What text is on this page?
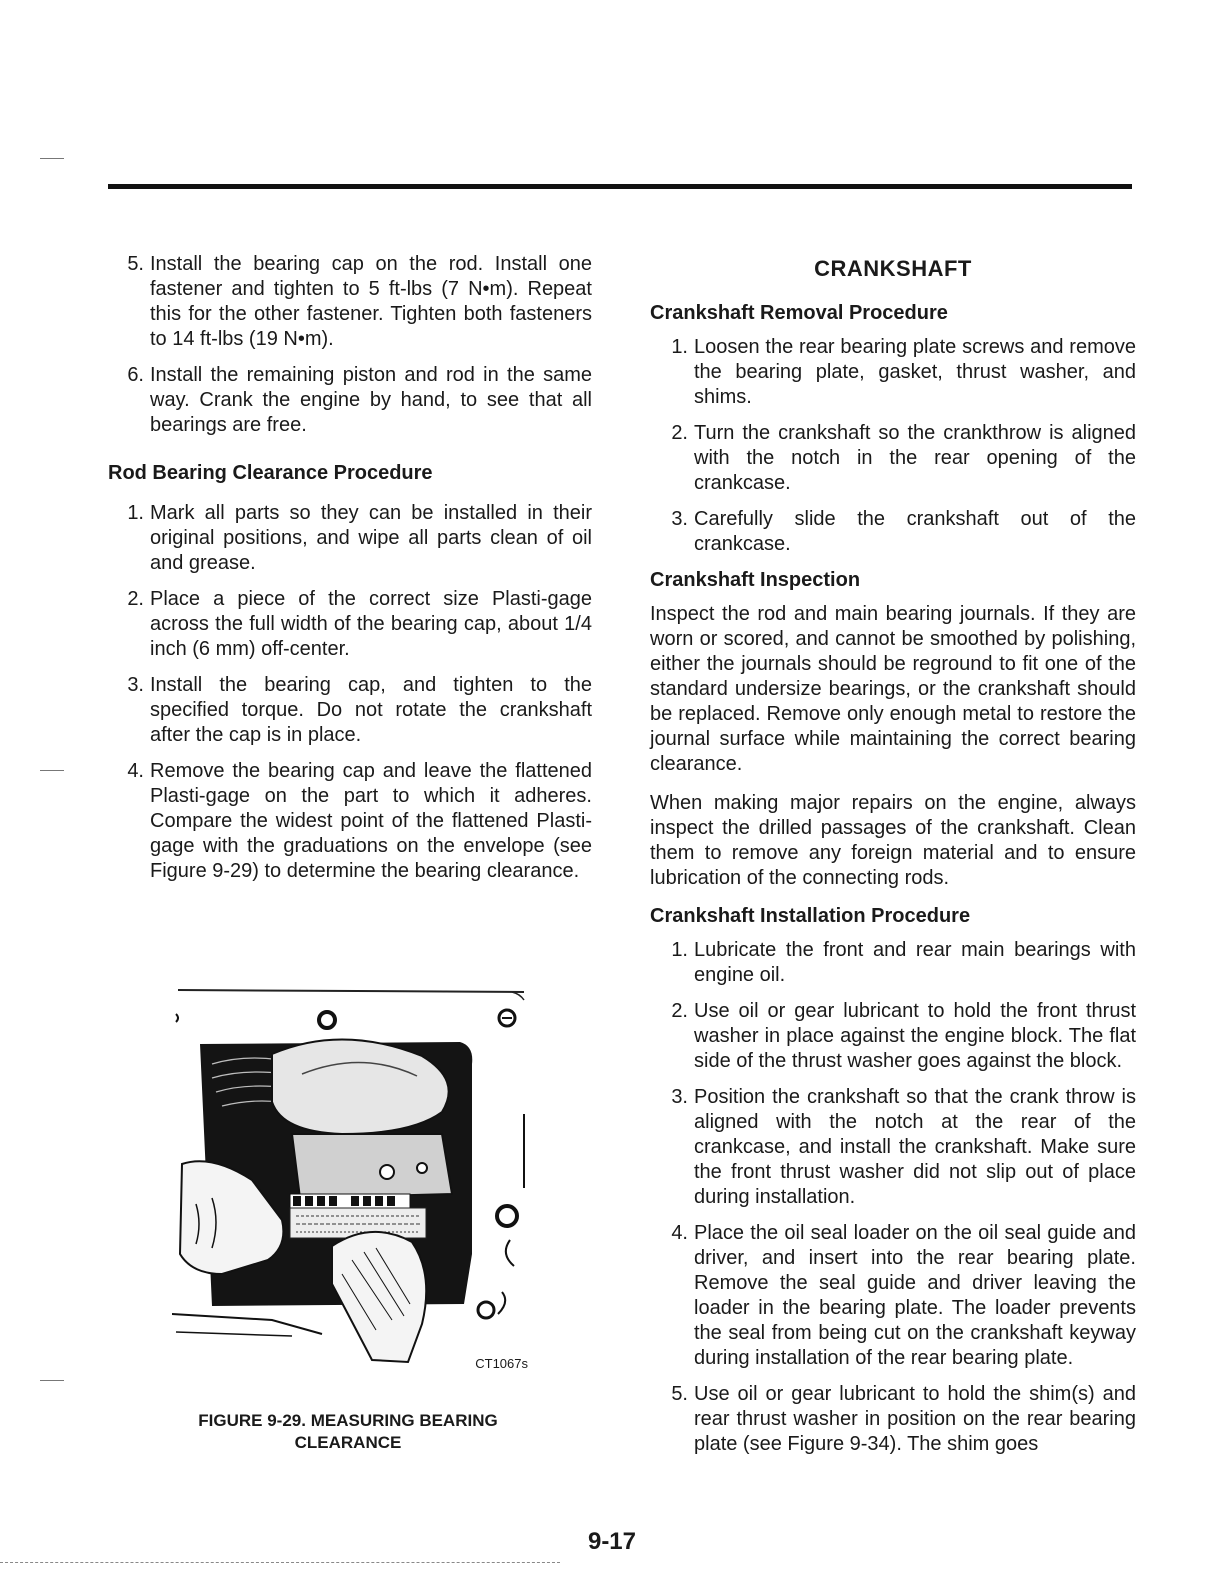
5. Install the bearing cap on the rod. Install one fastener and tighten to 5 ft-lbs (7 N•m). Repeat this for the other fastener. Tighten both fasteners to 14 ft-lbs (19 N•m).
6. Install the remaining piston and rod in the same way. Crank the engine by hand, to see that all bearings are free.
Rod Bearing Clearance Procedure
1. Mark all parts so they can be installed in their original positions, and wipe all parts clean of oil and grease.
2. Place a piece of the correct size Plasti-gage across the full width of the bearing cap, about 1/4 inch (6 mm) off-center.
3. Install the bearing cap, and tighten to the specified torque. Do not rotate the crankshaft after the cap is in place.
4. Remove the bearing cap and leave the flattened Plasti-gage on the part to which it adheres. Compare the widest point of the flattened Plasti-gage with the graduations on the envelope (see Figure 9-29) to determine the bearing clearance.
CT1067s
FIGURE 9-29. MEASURING BEARING
CLEARANCE
CRANKSHAFT
Crankshaft Removal Procedure
1. Loosen the rear bearing plate screws and remove the bearing plate, gasket, thrust washer, and shims.
2. Turn the crankshaft so the crankthrow is aligned with the notch in the rear opening of the crankcase.
3. Carefully slide the crankshaft out of the crankcase.
Crankshaft Inspection

Inspect the rod and main bearing journals. If they are worn or scored, and cannot be smoothed by polishing, either the journals should be reground to fit one of the standard undersize bearings, or the crankshaft should be replaced. Remove only enough metal to restore the journal surface while maintaining the correct bearing clearance.

When making major repairs on the engine, always inspect the drilled passages of the crankshaft. Clean them to remove any foreign material and to ensure lubrication of the connecting rods.

Crankshaft Installation Procedure
1. Lubricate the front and rear main bearings with engine oil.
2. Use oil or gear lubricant to hold the front thrust washer in place against the engine block. The flat side of the thrust washer goes against the block.
3. Position the crankshaft so that the crank throw is aligned with the notch at the rear of the crankcase, and install the crankshaft. Make sure the front thrust washer did not slip out of place during installation.
4. Place the oil seal loader on the oil seal guide and driver, and insert into the rear bearing plate. Remove the seal guide and driver leaving the loader in the bearing plate. The loader prevents the seal from being cut on the crankshaft keyway during installation of the rear bearing plate.
5. Use oil or gear lubricant to hold the shim(s) and rear thrust washer in position on the rear bearing plate (see Figure 9-34). The shim goes
9-17
